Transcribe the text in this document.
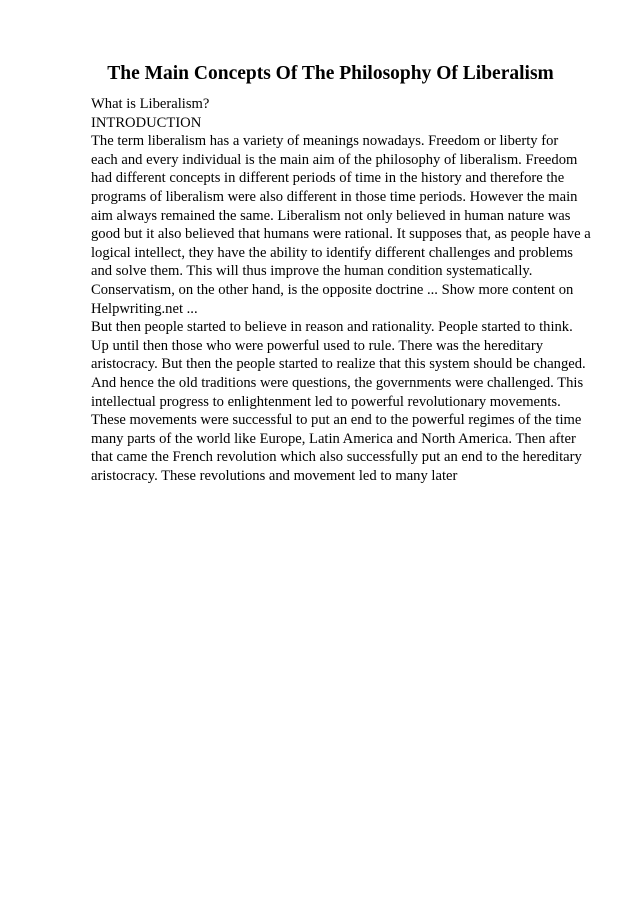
The Main Concepts Of The Philosophy Of Liberalism
What is Liberalism?
INTRODUCTION
The term liberalism has a variety of meanings nowadays. Freedom or liberty for
each and every individual is the main aim of the philosophy of liberalism. Freedom
had different concepts in different periods of time in the history and therefore the
programs of liberalism were also different in those time periods. However the main
aim always remained the same. Liberalism not only believed in human nature was
good but it also believed that humans were rational. It supposes that, as people have a
logical intellect, they have the ability to identify different challenges and problems
and solve them. This will thus improve the human condition systematically.
Conservatism, on the other hand, is the opposite doctrine ... Show more content on
Helpwriting.net ...
But then people started to believe in reason and rationality. People started to think.
Up until then those who were powerful used to rule. There was the hereditary
aristocracy. But then the people started to realize that this system should be changed.
And hence the old traditions were questions, the governments were challenged. This
intellectual progress to enlightenment led to powerful revolutionary movements.
These movements were successful to put an end to the powerful regimes of the time
many parts of the world like Europe, Latin America and North America. Then after
that came the French revolution which also successfully put an end to the hereditary
aristocracy. These revolutions and movement led to many later
